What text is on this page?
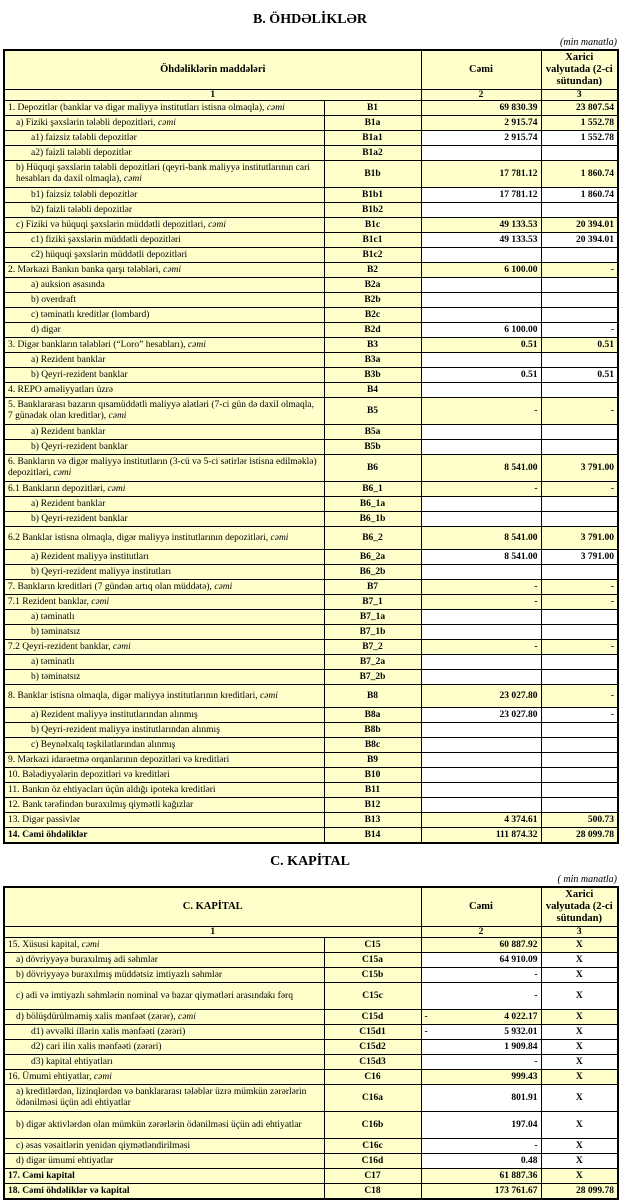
B. ÖHDƏLİKLƏR
(min manatla)
Öhdəliklərin maddələri		Cəmi	Xarici valyutada (2-ci sütundan)
1		2	3
1. Depozitlər (banklar və digər maliyyə institutları istisna olmaqla), cəmi	B1	69 830.39	23 807.54
a) Fiziki şəxslərin tələbli depozitləri, cəmi	B1a	2 915.74	1 552.78
a1) faizsiz tələbli depozitlər	B1a1	2 915.74	1 552.78
a2) faizli tələbli depozitlər	B1a2		
b) Hüquqi şəxslərin tələbli depozitləri (qeyri-bank maliyyə institutlarının cari hesabları da daxil olmaqla), cəmi	B1b	17 781.12	1 860.74
b1) faizsiz tələbli depozitlər	B1b1	17 781.12	1 860.74
b2) faizli tələbli depozitlər	B1b2		
c) Fiziki və hüquqi şəxslərin müddətli depozitləri, cəmi	B1c	49 133.53	20 394.01
c1) fiziki şəxslərin müddətli depozitləri	B1c1	49 133.53	20 394.01
c2) hüquqi şəxslərin müddətli depozitləri	B1c2		
2. Mərkəzi Bankın banka qarşı tələbləri, cəmi	B2	6 100.00	-
a) auksion əsasında	B2a		
b) overdraft	B2b		
c) təminatlı kreditlər (lombard)	B2c		
d) digər	B2d	6 100.00	-
3. Digər bankların tələbləri (“Loro” hesabları), cəmi	B3	0.51	0.51
a) Rezident banklar	B3a		
b) Qeyri-rezident banklar	B3b	0.51	0.51
4. REPO əməliyyatları üzrə	B4		
5. Banklararası bazarın qısamüddətli maliyyə alətləri (7-ci gün də daxil olmaqla, 7 günədək olan kreditlər), cəmi	B5	-	-
a) Rezident banklar	B5a		
b) Qeyri-rezident banklar	B5b		
6. Bankların və digər maliyyə institutların (3-cü və 5-ci sətirlər istisna edilməklə) depozitləri, cəmi	B6	8 541.00	3 791.00
6.1 Bankların depozitləri, cəmi	B6_1	-	-
a) Rezident banklar	B6_1a		
b) Qeyri-rezident banklar	B6_1b		
6.2 Banklar istisna olmaqla, digər maliyyə institutlarının depozitləri, cəmi	B6_2	8 541.00	3 791.00
a) Rezident maliyyə institutları	B6_2a	8 541.00	3 791.00
b) Qeyri-rezident maliyyə institutları	B6_2b		
7. Bankların kreditləri (7 gündən artıq olan müddətə), cəmi	B7	-	-
7.1 Rezident banklar, cəmi	B7_1	-	-
a) təminatlı	B7_1a		
b) təminatsız	B7_1b		
7.2 Qeyri-rezident banklar, cəmi	B7_2	-	-
a) təminatlı	B7_2a		
b) təminatsız	B7_2b		
8. Banklar istisna olmaqla, digər maliyyə institutlarının kreditləri, cəmi	B8	23 027.80	-
a) Rezident maliyyə institutlarından alınmış	B8a	23 027.80	-
b) Qeyri-rezident maliyyə institutlarından alınmış	B8b		
c) Beynəlxalq təşkilatlarından alınmış	B8c		
9. Mərkəzi idarəetmə orqanlarının depozitləri və kreditləri	B9		
10. Bələdiyyələrin depozitləri və kreditləri	B10		
11. Bankın öz ehtiyacları üçün aldığı ipoteka kreditləri	B11		
12. Bank tərəfindən buraxılmış qiymətli kağızlar	B12		
13. Digər passivlər	B13	4 374.61	500.73
14. Cəmi öhdəliklər	B14	111 874.32	28 099.78
C. KAPİTAL
( min manatla)
C. KAPİTAL		Cəmi	Xarici valyutada (2-ci sütundan)
1		2	3
15. Xüsusi kapital, cəmi	C15	60 887.92	X
a) dövriyyəyə buraxılmış adi səhmlər	C15a	64 910.09	X
b) dövriyyəyə buraxılmış müddətsiz imtiyazlı səhmlər	C15b	-	X
c) adi və imtiyazlı səhmlərin nominal və bazar qiymətləri arasındakı fərq	C15c	-	X
d) bölüşdürülməmiş xalis mənfəət (zərər), cəmi	C15d	- 4 022.17	X
d1) əvvəlki illərin xalis mənfəəti (zərəri)	C15d1	- 5 932.01	X
d2) cari ilin xalis mənfəəti (zərəri)	C15d2	1 909.84	X
d3) kapital ehtiyatları	C15d3	-	X
16. Ümumi ehtiyatlar, cəmi	C16	999.43	X
a) kreditlərdən, lizinqlərdən və banklararası tələblər üzrə mümkün zərərlərin ödənilməsi üçün adi ehtiyatlar	C16a	801.91	X
b) digər aktivlərdən olan mümkün zərərlərin ödənilməsi üçün adi ehtiyatlar	C16b	197.04	X
c) əsas vəsaitlərin yenidən qiymətləndirilməsi	C16c	-	X
d) digər ümumi ehtiyatlar	C16d	0.48	X
17. Cəmi kapital	C17	61 887.36	X
18. Cəmi öhdəliklər və kapital	C18	173 761.67	28 099.78
